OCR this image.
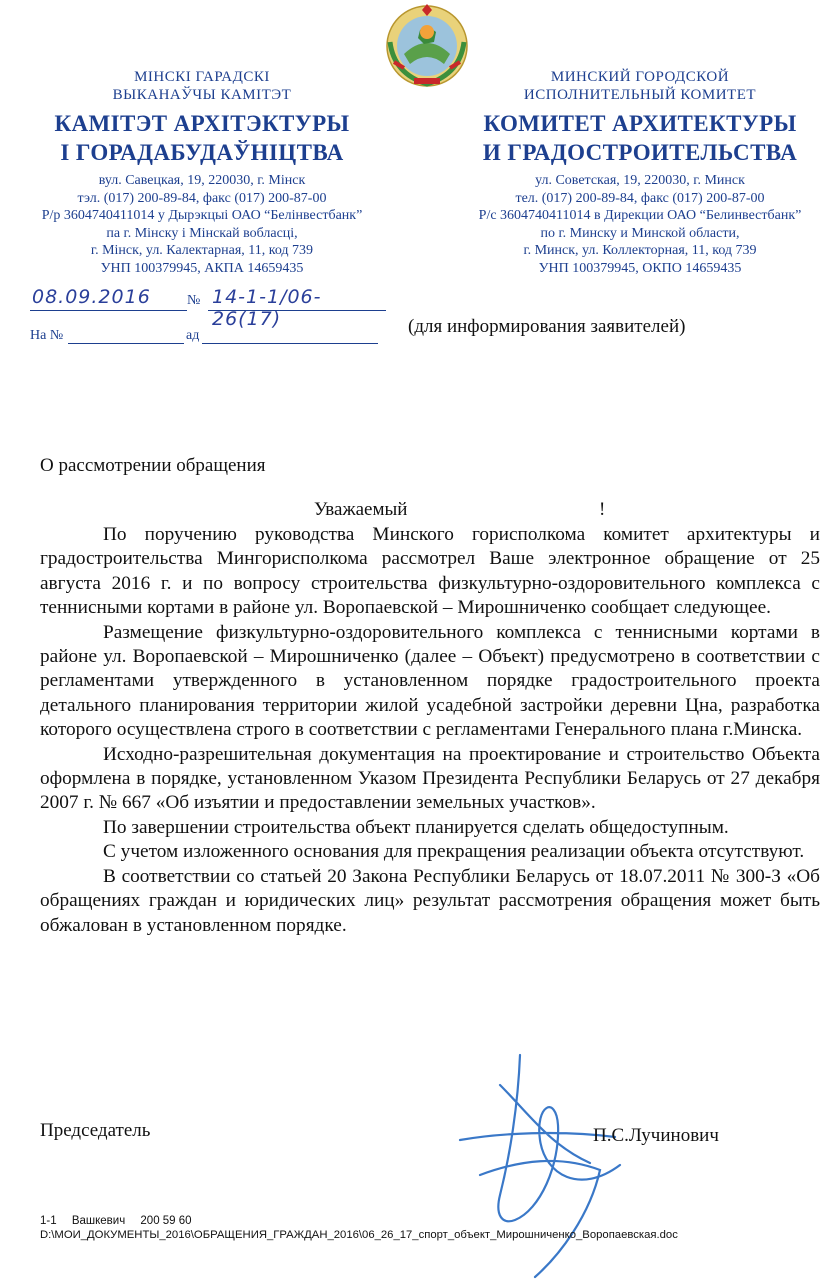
МІНСКІ ГАРАДСКІ
ВЫКАНАЎЧЫ КАМІТЭТ
КАМІТЭТ АРХІТЭКТУРЫ
І ГОРАДАБУДАЎНІЦТВА
вул. Савецкая, 19, 220030, г. Мінск
тэл. (017) 200-89-84, факс (017) 200-87-00
Р/р 3604740411014 у Дырэкцыі ОАО “Белінвестбанк”
па г. Мінску і Мінскай вобласці,
г. Мінск, ул. Калектарная, 11, код 739
УНП 100379945, АКПА 14659435
МИНСКИЙ ГОРОДСКОЙ
ИСПОЛНИТЕЛЬНЫЙ КОМИТЕТ
КОМИТЕТ АРХИТЕКТУРЫ
И ГРАДОСТРОИТЕЛЬСТВА
ул. Советская, 19, 220030, г. Минск
тел. (017) 200-89-84, факс (017) 200-87-00
Р/с 3604740411014 в Дирекции ОАО “Белинвестбанк”
по г. Минску и Минской области,
г. Минск, ул. Коллекторная, 11, код 739
УНП 100379945, ОКПО 14659435
08.09.2016	№ 14-1-1/06-26(17)
На №	ад	(для информирования заявителей)
О рассмотрении обращения
Уважаемый	!

По поручению руководства Минского горисполкома комитет архитектуры и градостроительства Мингорисполкома рассмотрел Ваше электронное обращение от 25 августа 2016 г. и по вопросу строительства физкультурно-оздоровительного комплекса с теннисными кортами в районе ул. Воропаевской – Мирошниченко сообщает следующее.

Размещение физкультурно-оздоровительного комплекса с теннисными кортами в районе ул. Воропаевской – Мирошниченко (далее – Объект) предусмотрено в соответствии с регламентами утвержденного в установленном порядке градостроительного проекта детального планирования территории жилой усадебной застройки деревни Цна, разработка которого осуществлена строго в соответствии с регламентами Генерального плана г.Минска.

Исходно-разрешительная документация на проектирование и строительство Объекта оформлена в порядке, установленном Указом Президента Республики Беларусь от 27 декабря 2007 г. № 667 «Об изъятии и предоставлении земельных участков».

По завершении строительства объект планируется сделать общедоступным.

С учетом изложенного основания для прекращения реализации объекта отсутствуют.

В соответствии со статьей 20 Закона Республики Беларусь от 18.07.2011 № 300-З «Об обращениях граждан и юридических лиц» результат рассмотрения обращения может быть обжалован в установленном порядке.

Председатель	П.С.Лучинович
1-1 Вашкевич 200 59 60
D:\МОИ_ДОКУМЕНТЫ_2016\ОБРАЩЕНИЯ_ГРАЖДАН_2016\06_26_17_спорт_объект_Мирошниченко_Воропаевская.doc
